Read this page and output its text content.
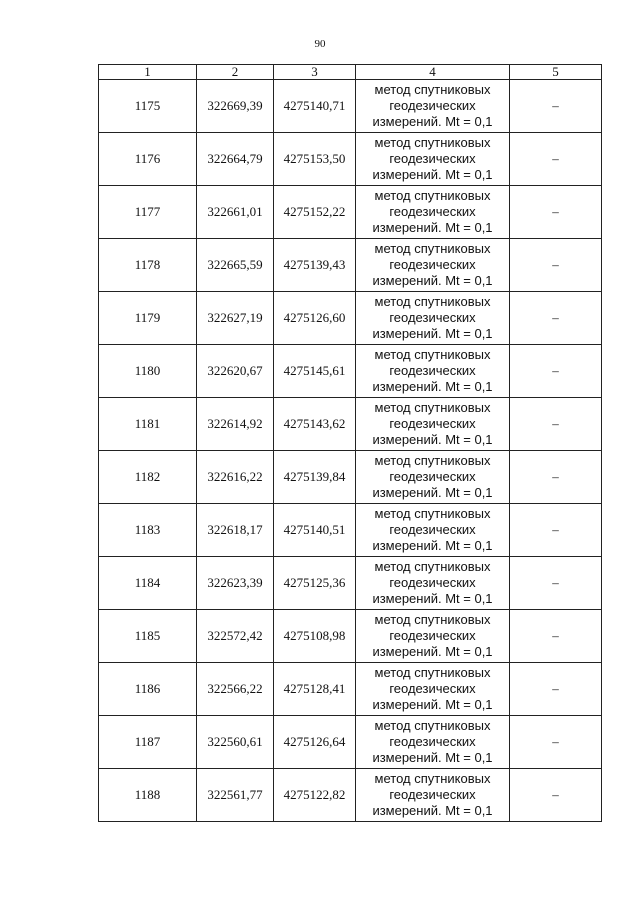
90
1	2	3	4	5
1175	322669,39	4275140,71	метод спутниковых
геодезических
измерений. Mt = 0,1	–
1176	322664,79	4275153,50	метод спутниковых
геодезических
измерений. Mt = 0,1	–
1177	322661,01	4275152,22	метод спутниковых
геодезических
измерений. Mt = 0,1	–
1178	322665,59	4275139,43	метод спутниковых
геодезических
измерений. Mt = 0,1	–
1179	322627,19	4275126,60	метод спутниковых
геодезических
измерений. Mt = 0,1	–
1180	322620,67	4275145,61	метод спутниковых
геодезических
измерений. Mt = 0,1	–
1181	322614,92	4275143,62	метод спутниковых
геодезических
измерений. Mt = 0,1	–
1182	322616,22	4275139,84	метод спутниковых
геодезических
измерений. Mt = 0,1	–
1183	322618,17	4275140,51	метод спутниковых
геодезических
измерений. Mt = 0,1	–
1184	322623,39	4275125,36	метод спутниковых
геодезических
измерений. Mt = 0,1	–
1185	322572,42	4275108,98	метод спутниковых
геодезических
измерений. Mt = 0,1	–
1186	322566,22	4275128,41	метод спутниковых
геодезических
измерений. Mt = 0,1	–
1187	322560,61	4275126,64	метод спутниковых
геодезических
измерений. Mt = 0,1	–
1188	322561,77	4275122,82	метод спутниковых
геодезических
измерений. Mt = 0,1	–
